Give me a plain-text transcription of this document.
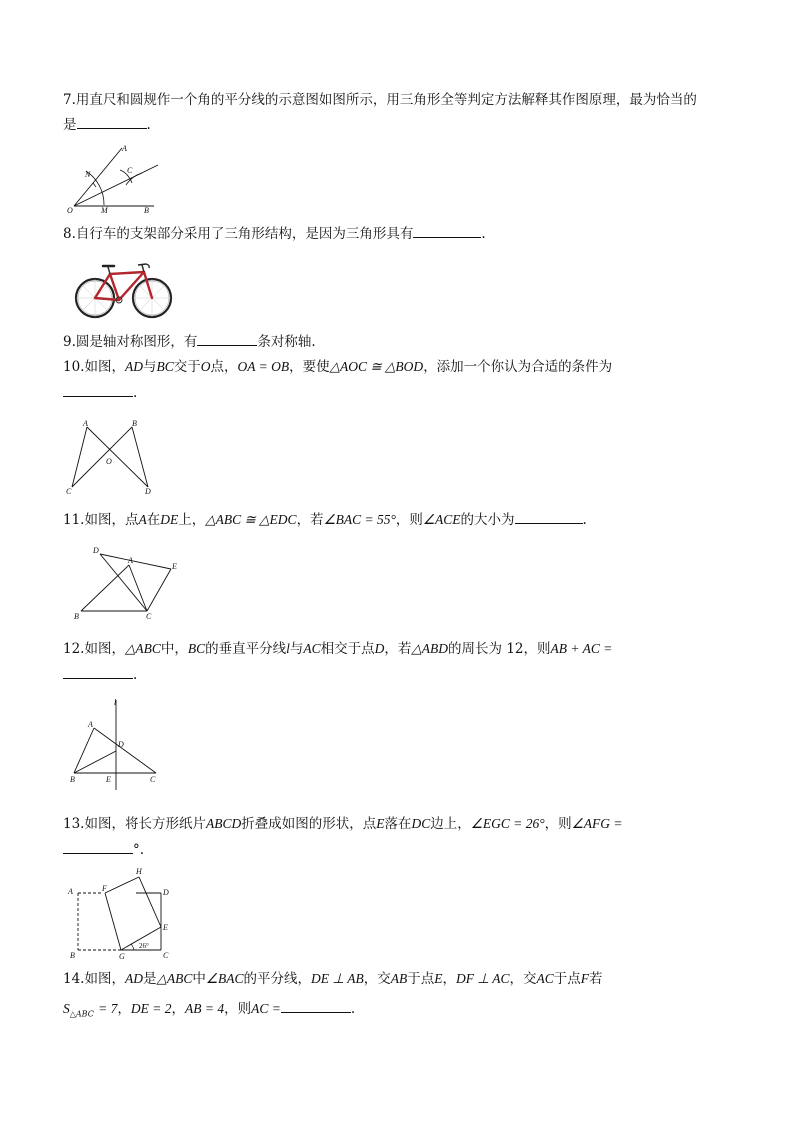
7.用直尺和圆规作一个角的平分线的示意图如图所示，用三角形全等判定方法解释其作图原理，最为恰当的
是	.
A
N	C
O	M	B
8.自行车的支架部分采用了三角形结构，是因为三角形具有	.
9.圆是轴对称图形，有	条对称轴.
10.如图，AD与BC交于O点，OA = OB，要使△AOC ≅ △BOD，添加一个你认为合适的条件为
.
A	B
O
C	D
11.如图，点A在DE上，△ABC ≅ △EDC，若∠BAC = 55°，则∠ACE的大小为	.
D
A
E
B	C
12.如图，△ABC中，BC的垂直平分线l与AC相交于点D，若△ABD的周长为 12，则AB + AC =
.
l
A
D
B	E	C
13.如图，将长方形纸片ABCD折叠成如图的形状，点E落在DC边上，∠EGC = 26°，则∠AFG =
°.
A	F
H
D
E
B	G
26°
C
14.如图，AD是△ABC中∠BAC的平分线，DE ⊥ AB，交AB于点E，DF ⊥ AC，交AC于点F若
$S_{\triangle ABC} = 7$，DE = 2，AB = 4，则AC =	.
